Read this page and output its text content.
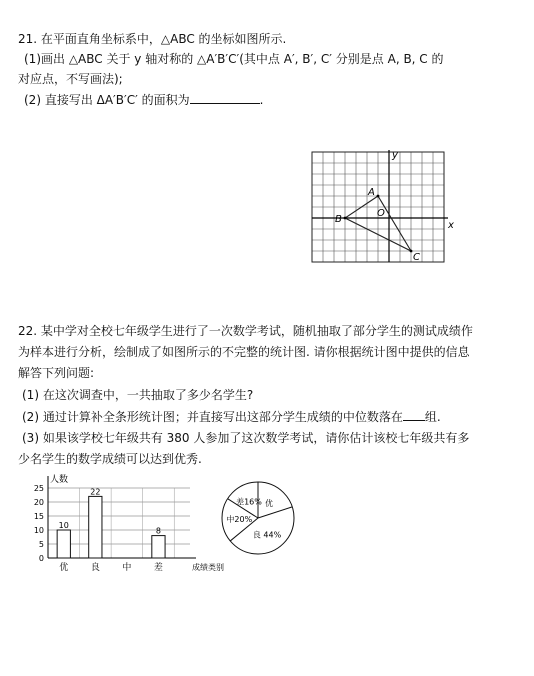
21. 在平面直角坐标系中，△ABC 的坐标如图所示.
(1)画出 △ABC 关于 y 轴对称的 △A′B′C′(其中点 A′, B′, C′ 分别是点 A, B, C 的
对应点，不写画法);
(2) 直接写出 ΔA′B′C′ 的面积为	.
y
x
O
A
B
C
22. 某中学对全校七年级学生进行了一次数学考试，随机抽取了部分学生的测试成绩作
为样本进行分析，绘制成了如图所示的不完整的统计图. 请你根据统计图中提供的信息
解答下列问题:
(1) 在这次调查中，一共抽取了多少名学生?
(2) 通过计算补全条形统计图；并直接写出这部分学生成绩的中位数落在 组.
(3) 如果该学校七年级共有 380 人参加了这次数学考试，请你估计该校七年级共有多
少名学生的数学成绩可以达到优秀.
0
5
10
15
20
25
人数
成绩类别
优
10
良
22
中	差
8
优
良 44%
中20%
差16%
